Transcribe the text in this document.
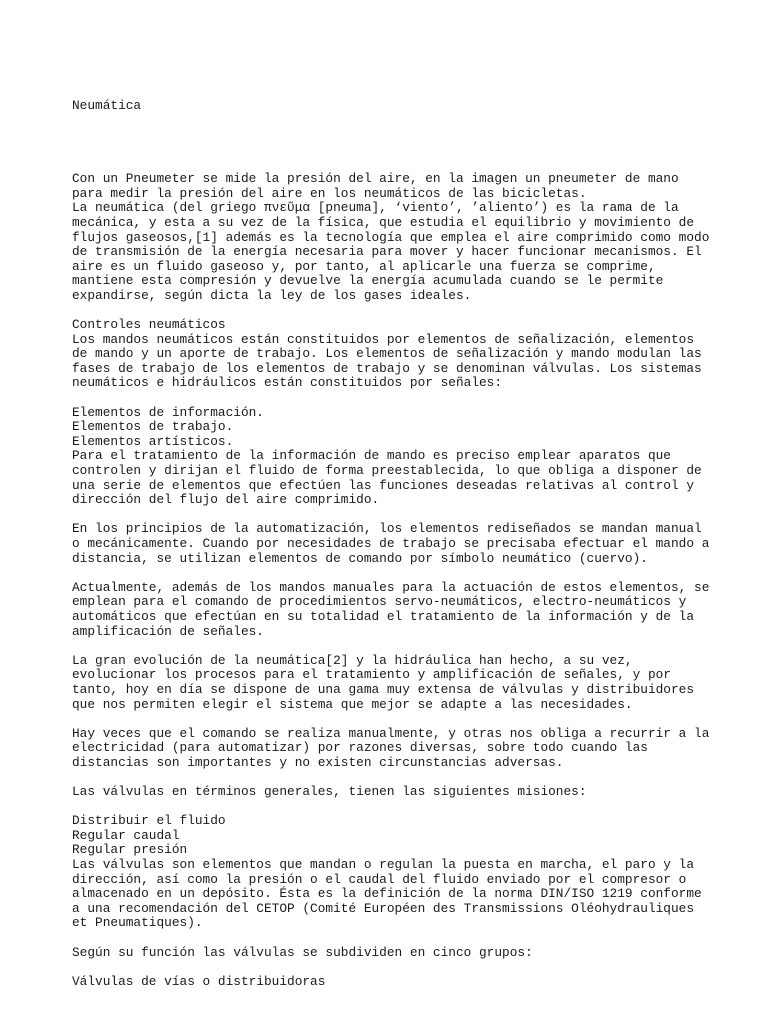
Neumática

Con un Pneumeter se mide la presión del aire, en la imagen un pneumeter de mano
para medir la presión del aire en los neumáticos de las bicicletas.
La neumática (del griego πνεῦμα [pneuma], ‘viento’, ’aliento’) es la rama de la
mecánica, y esta a su vez de la física, que estudia el equilibrio y movimiento de
flujos gaseosos,[1] además es la tecnología que emplea el aire comprimido como modo
de transmisión de la energía necesaria para mover y hacer funcionar mecanismos. El
aire es un fluido gaseoso y, por tanto, al aplicarle una fuerza se comprime,
mantiene esta compresión y devuelve la energía acumulada cuando se le permite
expandirse, según dicta la ley de los gases ideales.
Controles neumáticos
Los mandos neumáticos están constituidos por elementos de señalización, elementos
de mando y un aporte de trabajo. Los elementos de señalización y mando modulan las
fases de trabajo de los elementos de trabajo y se denominan válvulas. Los sistemas
neumáticos e hidráulicos están constituidos por señales:
Elementos de información.
Elementos de trabajo.
Elementos artísticos.
Para el tratamiento de la información de mando es preciso emplear aparatos que
controlen y dirijan el fluido de forma preestablecida, lo que obliga a disponer de
una serie de elementos que efectúen las funciones deseadas relativas al control y
dirección del flujo del aire comprimido.
En los principios de la automatización, los elementos rediseñados se mandan manual
o mecánicamente. Cuando por necesidades de trabajo se precisaba efectuar el mando a
distancia, se utilizan elementos de comando por símbolo neumático (cuervo).
Actualmente, además de los mandos manuales para la actuación de estos elementos, se
emplean para el comando de procedimientos servo-neumáticos, electro-neumáticos y
automáticos que efectúan en su totalidad el tratamiento de la información y de la
amplificación de señales.
La gran evolución de la neumática[2] y la hidráulica han hecho, a su vez,
evolucionar los procesos para el tratamiento y amplificación de señales, y por
tanto, hoy en día se dispone de una gama muy extensa de válvulas y distribuidores
que nos permiten elegir el sistema que mejor se adapte a las necesidades.
Hay veces que el comando se realiza manualmente, y otras nos obliga a recurrir a la
electricidad (para automatizar) por razones diversas, sobre todo cuando las
distancias son importantes y no existen circunstancias adversas.
Las válvulas en términos generales, tienen las siguientes misiones:
Distribuir el fluido
Regular caudal
Regular presión
Las válvulas son elementos que mandan o regulan la puesta en marcha, el paro y la
dirección, así como la presión o el caudal del fluido enviado por el compresor o
almacenado en un depósito. Ésta es la definición de la norma DIN/ISO 1219 conforme
a una recomendación del CETOP (Comité Européen des Transmissions Oléohydrauliques
et Pneumatiques).
Según su función las válvulas se subdividen en cinco grupos:
Válvulas de vías o distribuidoras
